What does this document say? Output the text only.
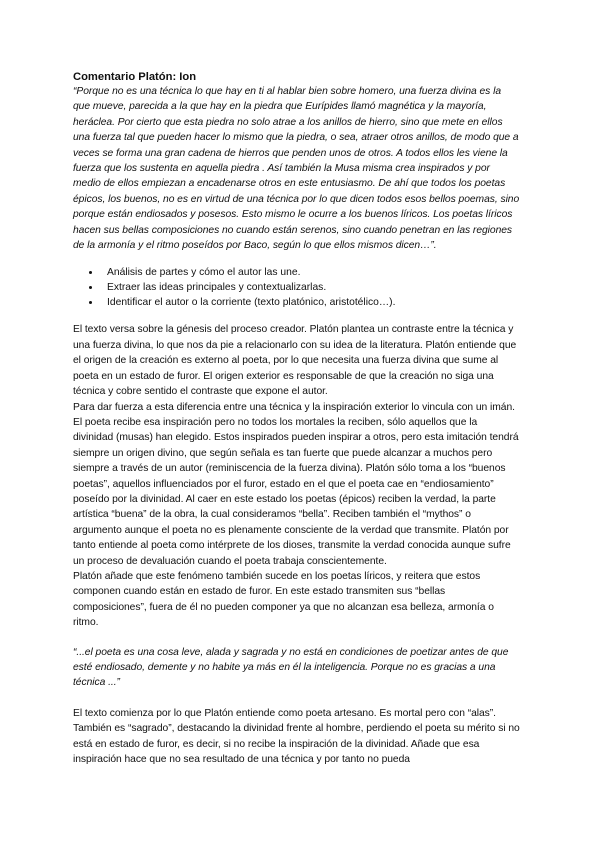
Comentario Platón: Ion

“Porque no es una técnica lo que hay en ti al hablar bien sobre homero, una fuerza divina es la que mueve, parecida a la que hay en la piedra que Eurípides llamó magnética y la mayoría, heráclea. Por cierto que esta piedra no solo atrae a los anillos de hierro, sino que mete en ellos una fuerza tal que pueden hacer lo mismo que la piedra, o sea, atraer otros anillos, de modo que a veces se forma una gran cadena de hierros que penden unos de otros. A todos ellos les viene la fuerza que los sustenta en aquella piedra . Así también la Musa misma crea inspirados y por medio de ellos empiezan a encadenarse otros en este entusiasmo. De ahí que todos los poetas épicos, los buenos, no es en virtud de una técnica por lo que dicen todos esos bellos poemas, sino porque están endiosados y posesos. Esto mismo le ocurre a los buenos líricos. Los poetas líricos hacen sus bellas composiciones no cuando están serenos, sino cuando penetran en las regiones de la armonía y el ritmo poseídos por Baco, según lo que ellos mismos dicen…”.

• Análisis de partes y cómo el autor las une.
• Extraer las ideas principales y contextualizarlas.
• Identificar el autor o la corriente (texto platónico, aristotélico…).
El texto versa sobre la génesis del proceso creador. Platón plantea un contraste entre la técnica y una fuerza divina, lo que nos da pie a relacionarlo con su idea de la literatura. Platón entiende que el origen de la creación es externo al poeta, por lo que necesita una fuerza divina que sume al poeta en un estado de furor. El origen exterior es responsable de que la creación no siga una técnica y cobre sentido el contraste que expone el autor.
Para dar fuerza a esta diferencia entre una técnica y la inspiración exterior lo vincula con un imán. El poeta recibe esa inspiración pero no todos los mortales la reciben, sólo aquellos que la divinidad (musas) han elegido. Estos inspirados pueden inspirar a otros, pero esta imitación tendrá siempre un origen divino, que según señala es tan fuerte que puede alcanzar a muchos pero siempre a través de un autor (reminiscencia de la fuerza divina). Platón sólo toma a los “buenos poetas”, aquellos influenciados por el furor, estado en el que el poeta cae en “endiosamiento” poseído por la divinidad. Al caer en este estado los poetas (épicos) reciben la verdad, la parte artística “buena” de la obra, la cual consideramos “bella”. Reciben también el “mythos” o argumento aunque el poeta no es plenamente consciente de la verdad que transmite. Platón por tanto entiende al poeta como intérprete de los dioses, transmite la verdad conocida aunque sufre un proceso de devaluación cuando el poeta trabaja conscientemente.
Platón añade que este fenómeno también sucede en los poetas líricos, y reitera que estos componen cuando están en estado de furor. En este estado transmiten sus “bellas composiciones”, fuera de él no pueden componer ya que no alcanzan esa belleza, armonía o ritmo.

“...el poeta es una cosa leve, alada y sagrada y no está en condiciones de poetizar antes de que esté endiosado, demente y no habite ya más en él la inteligencia. Porque no es gracias a una técnica ...”

El texto comienza por lo que Platón entiende como poeta artesano. Es mortal pero con “alas”. También es “sagrado”, destacando la divinidad frente al hombre, perdiendo el poeta su mérito si no está en estado de furor, es decir, si no recibe la inspiración de la divinidad. Añade que esa inspiración hace que no sea resultado de una técnica y por tanto no pueda
